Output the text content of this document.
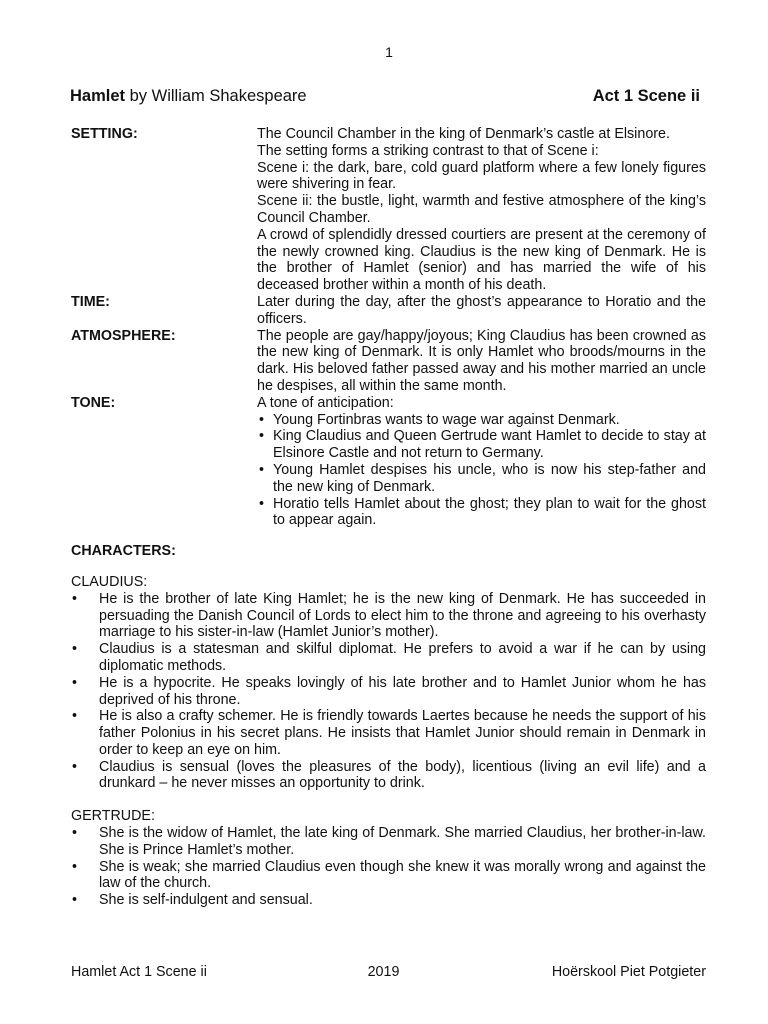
1
Hamlet by William Shakespeare	Act 1 Scene ii
SETTING:	The Council Chamber in the king of Denmark’s castle at Elsinore.

The setting forms a striking contrast to that of Scene i:

Scene i: the dark, bare, cold guard platform where a few lonely figures were shivering in fear.

Scene ii: the bustle, light, warmth and festive atmosphere of the king’s Council Chamber.

A crowd of splendidly dressed courtiers are present at the ceremony of the newly crowned king. Claudius is the new king of Denmark. He is the brother of Hamlet (senior) and has married the wife of his deceased brother within a month of his death.

TIME:	Later during the day, after the ghost’s appearance to Horatio and the officers.
ATMOSPHERE:	The people are gay/happy/joyous; King Claudius has been crowned as the new king of Denmark. It is only Hamlet who broods/mourns in the dark. His beloved father passed away and his mother married an uncle he despises, all within the same month.
TONE:	A tone of anticipation:

• Young Fortinbras wants to wage war against Denmark.
• King Claudius and Queen Gertrude want Hamlet to decide to stay at Elsinore Castle and not return to Germany.
• Young Hamlet despises his uncle, who is now his step-father and the new king of Denmark.
• Horatio tells Hamlet about the ghost; they plan to wait for the ghost to appear again.
CHARACTERS:
CLAUDIUS:
• He is the brother of late King Hamlet; he is the new king of Denmark. He has succeeded in persuading the Danish Council of Lords to elect him to the throne and agreeing to his overhasty marriage to his sister-in-law (Hamlet Junior’s mother).
• Claudius is a statesman and skilful diplomat. He prefers to avoid a war if he can by using diplomatic methods.
• He is a hypocrite. He speaks lovingly of his late brother and to Hamlet Junior whom he has deprived of his throne.
• He is also a crafty schemer. He is friendly towards Laertes because he needs the support of his father Polonius in his secret plans. He insists that Hamlet Junior should remain in Denmark in order to keep an eye on him.
• Claudius is sensual (loves the pleasures of the body), licentious (living an evil life) and a drunkard – he never misses an opportunity to drink.
GERTRUDE:
• She is the widow of Hamlet, the late king of Denmark. She married Claudius, her brother-in-law. She is Prince Hamlet’s mother.
• She is weak; she married Claudius even though she knew it was morally wrong and against the law of the church.
• She is self-indulgent and sensual.
Hamlet Act 1 Scene ii	2019	Hoërskool Piet Potgieter
